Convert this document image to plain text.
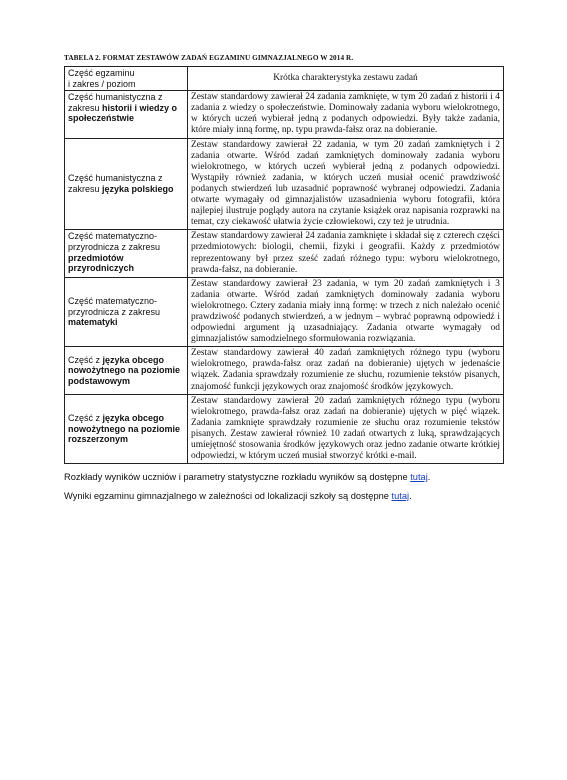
TABELA 2. FORMAT ZESTAWÓW ZADAŃ EGZAMINU GIMNAZJALNEGO W 2014 R.
Część egzaminu
i zakres / poziom	Krótka charakterystyka zestawu zadań
Część humanistyczna z zakresu historii i wiedzy o społeczeństwie	Zestaw standardowy zawierał 24 zadania zamknięte, w tym 20 zadań z historii i 4 zadania z wiedzy o społeczeństwie. Dominowały zadania wyboru wielokrotnego, w których uczeń wybierał jedną z podanych odpowiedzi. Były także zadania, które miały inną formę, np. typu prawda-fałsz oraz na dobieranie.
Część humanistyczna z zakresu języka polskiego	Zestaw standardowy zawierał 22 zadania, w tym 20 zadań zamkniętych i 2 zadania otwarte. Wśród zadań zamkniętych dominowały zadania wyboru wielokrotnego, w których uczeń wybierał jedną z podanych odpowiedzi. Wystąpiły również zadania, w których uczeń musiał ocenić prawdziwość podanych stwierdzeń lub uzasadnić poprawność wybranej odpowiedzi. Zadania otwarte wymagały od gimnazjalistów uzasadnienia wyboru fotografii, która najlepiej ilustruje poglądy autora na czytanie książek oraz napisania rozprawki na temat, czy ciekawość ułatwia życie człowiekowi, czy też je utrudnia.
Część matematyczno-przyrodnicza z zakresu przedmiotów przyrodniczych	Zestaw standardowy zawierał 24 zadania zamknięte i składał się z czterech części przedmiotowych: biologii, chemii, fizyki i geografii. Każdy z przedmiotów reprezentowany był przez sześć zadań różnego typu: wyboru wielokrotnego, prawda-fałsz, na dobieranie.
Część matematyczno-przyrodnicza z zakresu matematyki	Zestaw standardowy zawierał 23 zadania, w tym 20 zadań zamkniętych i 3 zadania otwarte. Wśród zadań zamkniętych dominowały zadania wyboru wielokrotnego. Cztery zadania miały inną formę: w trzech z nich należało ocenić prawdziwość podanych stwierdzeń, a w jednym – wybrać poprawną odpowiedź i odpowiedni argument ją uzasadniający. Zadania otwarte wymagały od gimnazjalistów samodzielnego sformułowania rozwiązania.
Część z języka obcego nowożytnego na poziomie podstawowym	Zestaw standardowy zawierał 40 zadań zamkniętych różnego typu (wyboru wielokrotnego, prawda-fałsz oraz zadań na dobieranie) ujętych w jedenaście wiązek. Zadania sprawdzały rozumienie ze słuchu, rozumienie tekstów pisanych, znajomość funkcji językowych oraz znajomość środków językowych.
Część z języka obcego nowożytnego na poziomie rozszerzonym	Zestaw standardowy zawierał 20 zadań zamkniętych różnego typu (wyboru wielokrotnego, prawda-fałsz oraz zadań na dobieranie) ujętych w pięć wiązek. Zadania zamknięte sprawdzały rozumienie ze słuchu oraz rozumienie tekstów pisanych. Zestaw zawierał również 10 zadań otwartych z luką, sprawdzających umiejętność stosowania środków językowych oraz jedno zadanie otwarte krótkiej odpowiedzi, w którym uczeń musiał stworzyć krótki e-mail.

Rozkłady wyników uczniów i parametry statystyczne rozkładu wyników są dostępne tutaj.

Wyniki egzaminu gimnazjalnego w zależności od lokalizacji szkoły są dostępne tutaj.
